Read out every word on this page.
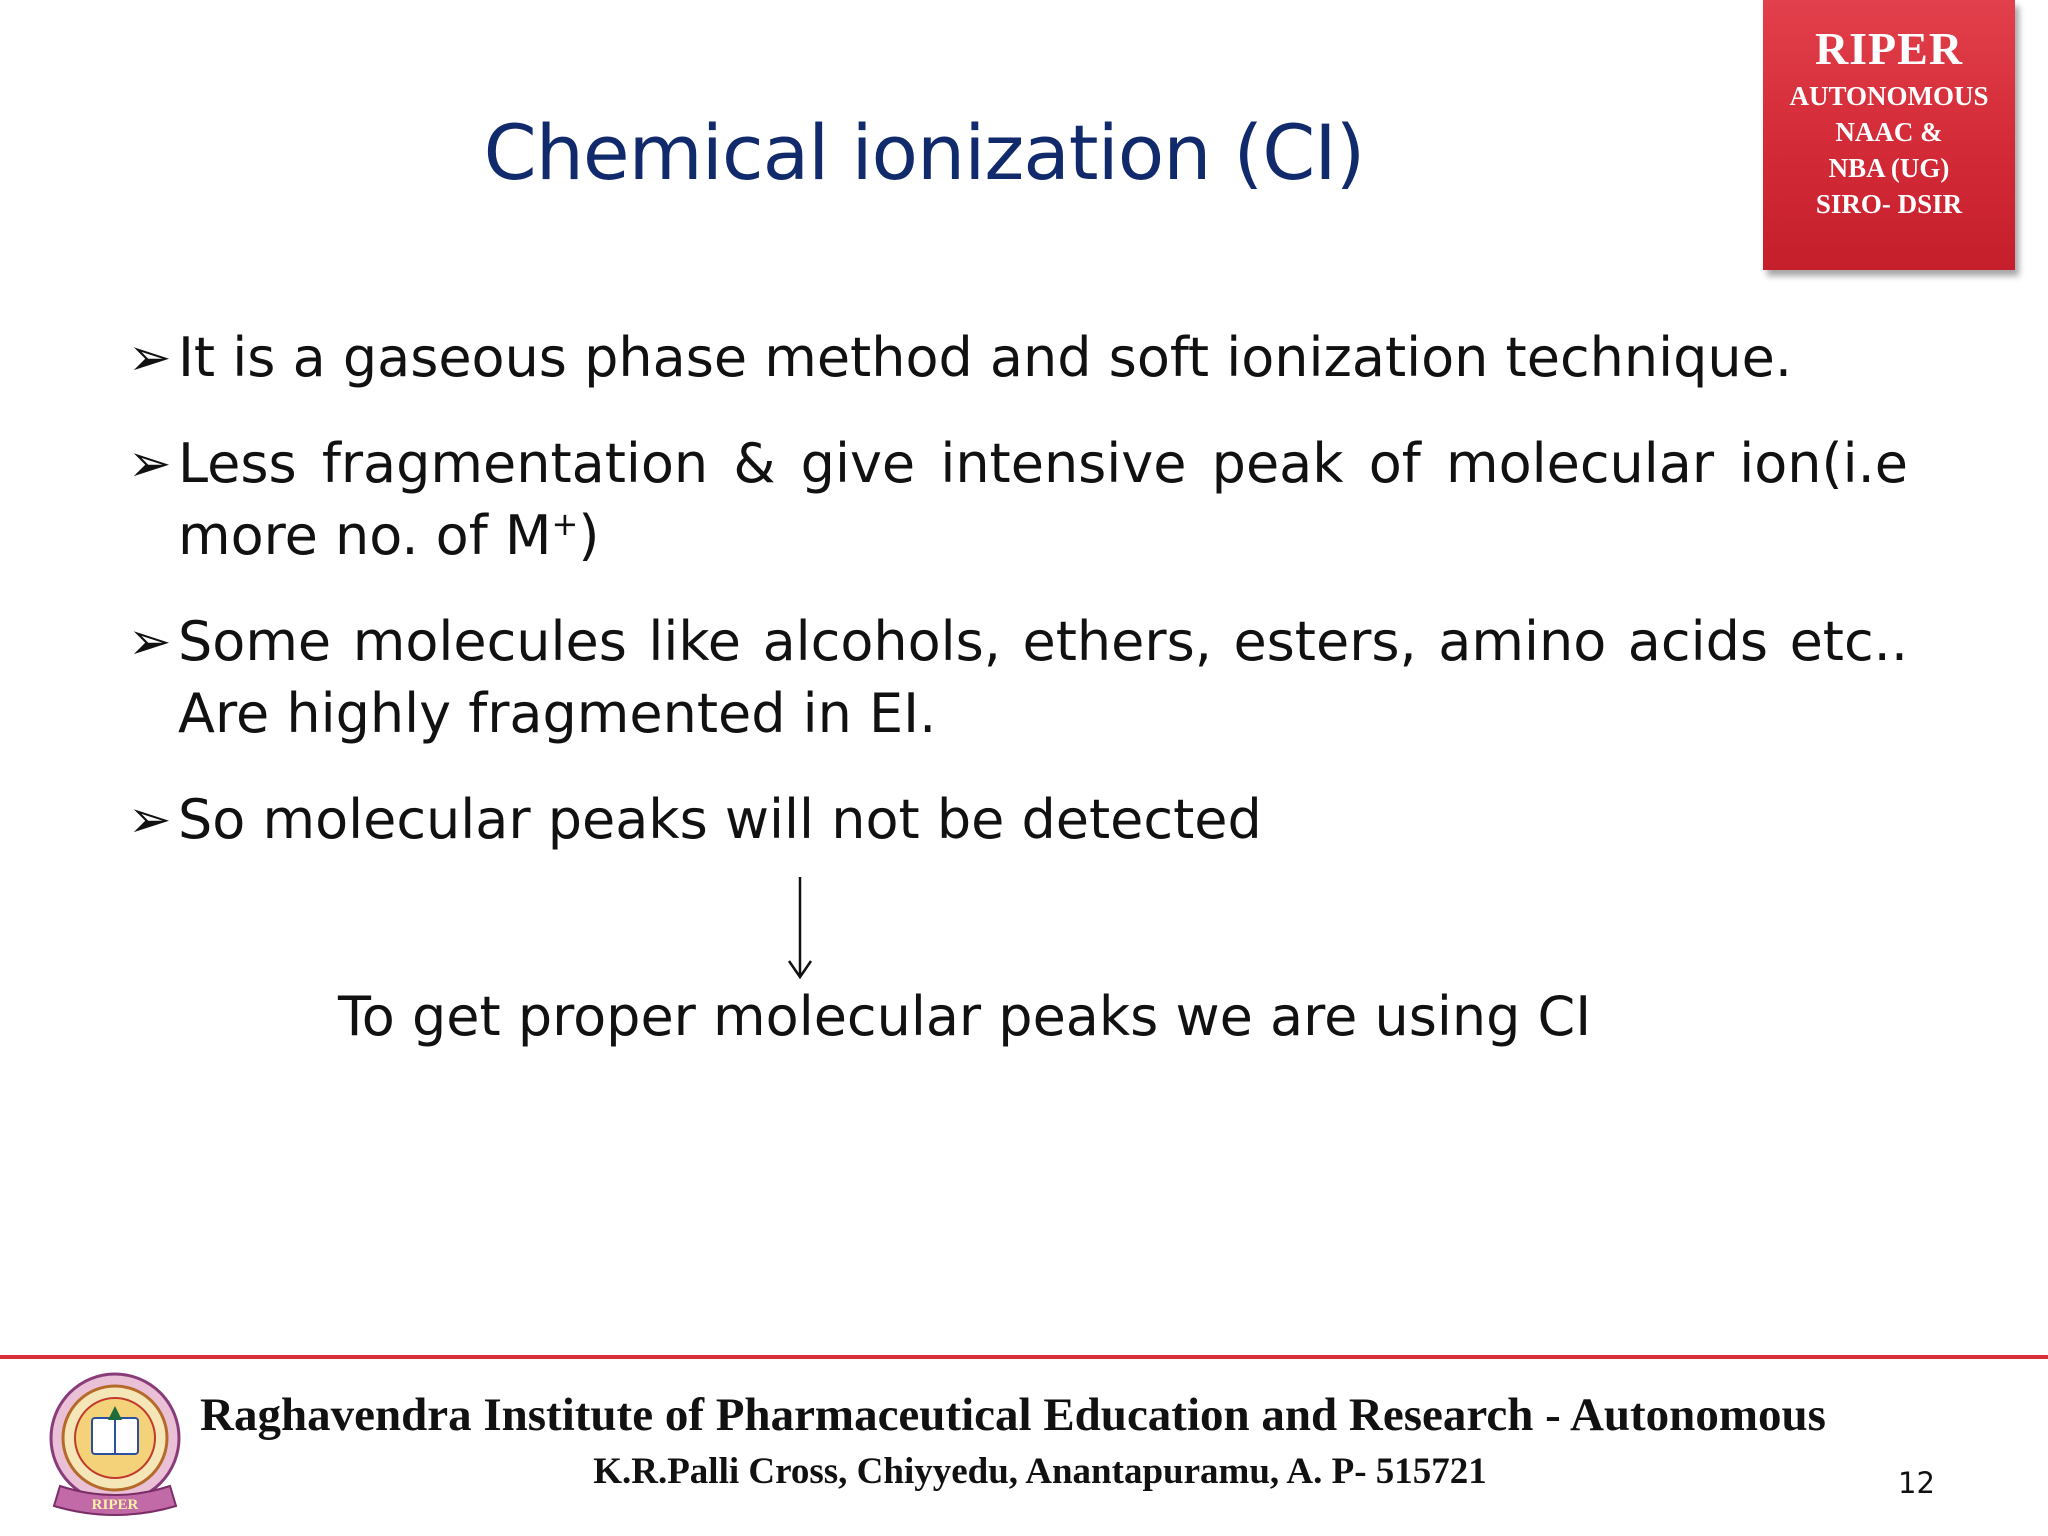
RIPER
AUTONOMOUS
NAAC &
NBA (UG)
SIRO- DSIR
Chemical ionization (CI)
➢ It is a gaseous phase method and soft ionization technique.
➢ Less fragmentation & give intensive peak of molecular ion(i.e more no. of M+)
➢ Some molecules like alcohols, ethers, esters, amino acids etc.. Are highly fragmented in EI.
➢ So molecular peaks will not be detected
To get proper molecular peaks we are using CI
RIPER
Raghavendra Institute of Pharmaceutical Education and Research - Autonomous
K.R.Palli Cross, Chiyyedu, Anantapuramu, A. P- 515721	12
